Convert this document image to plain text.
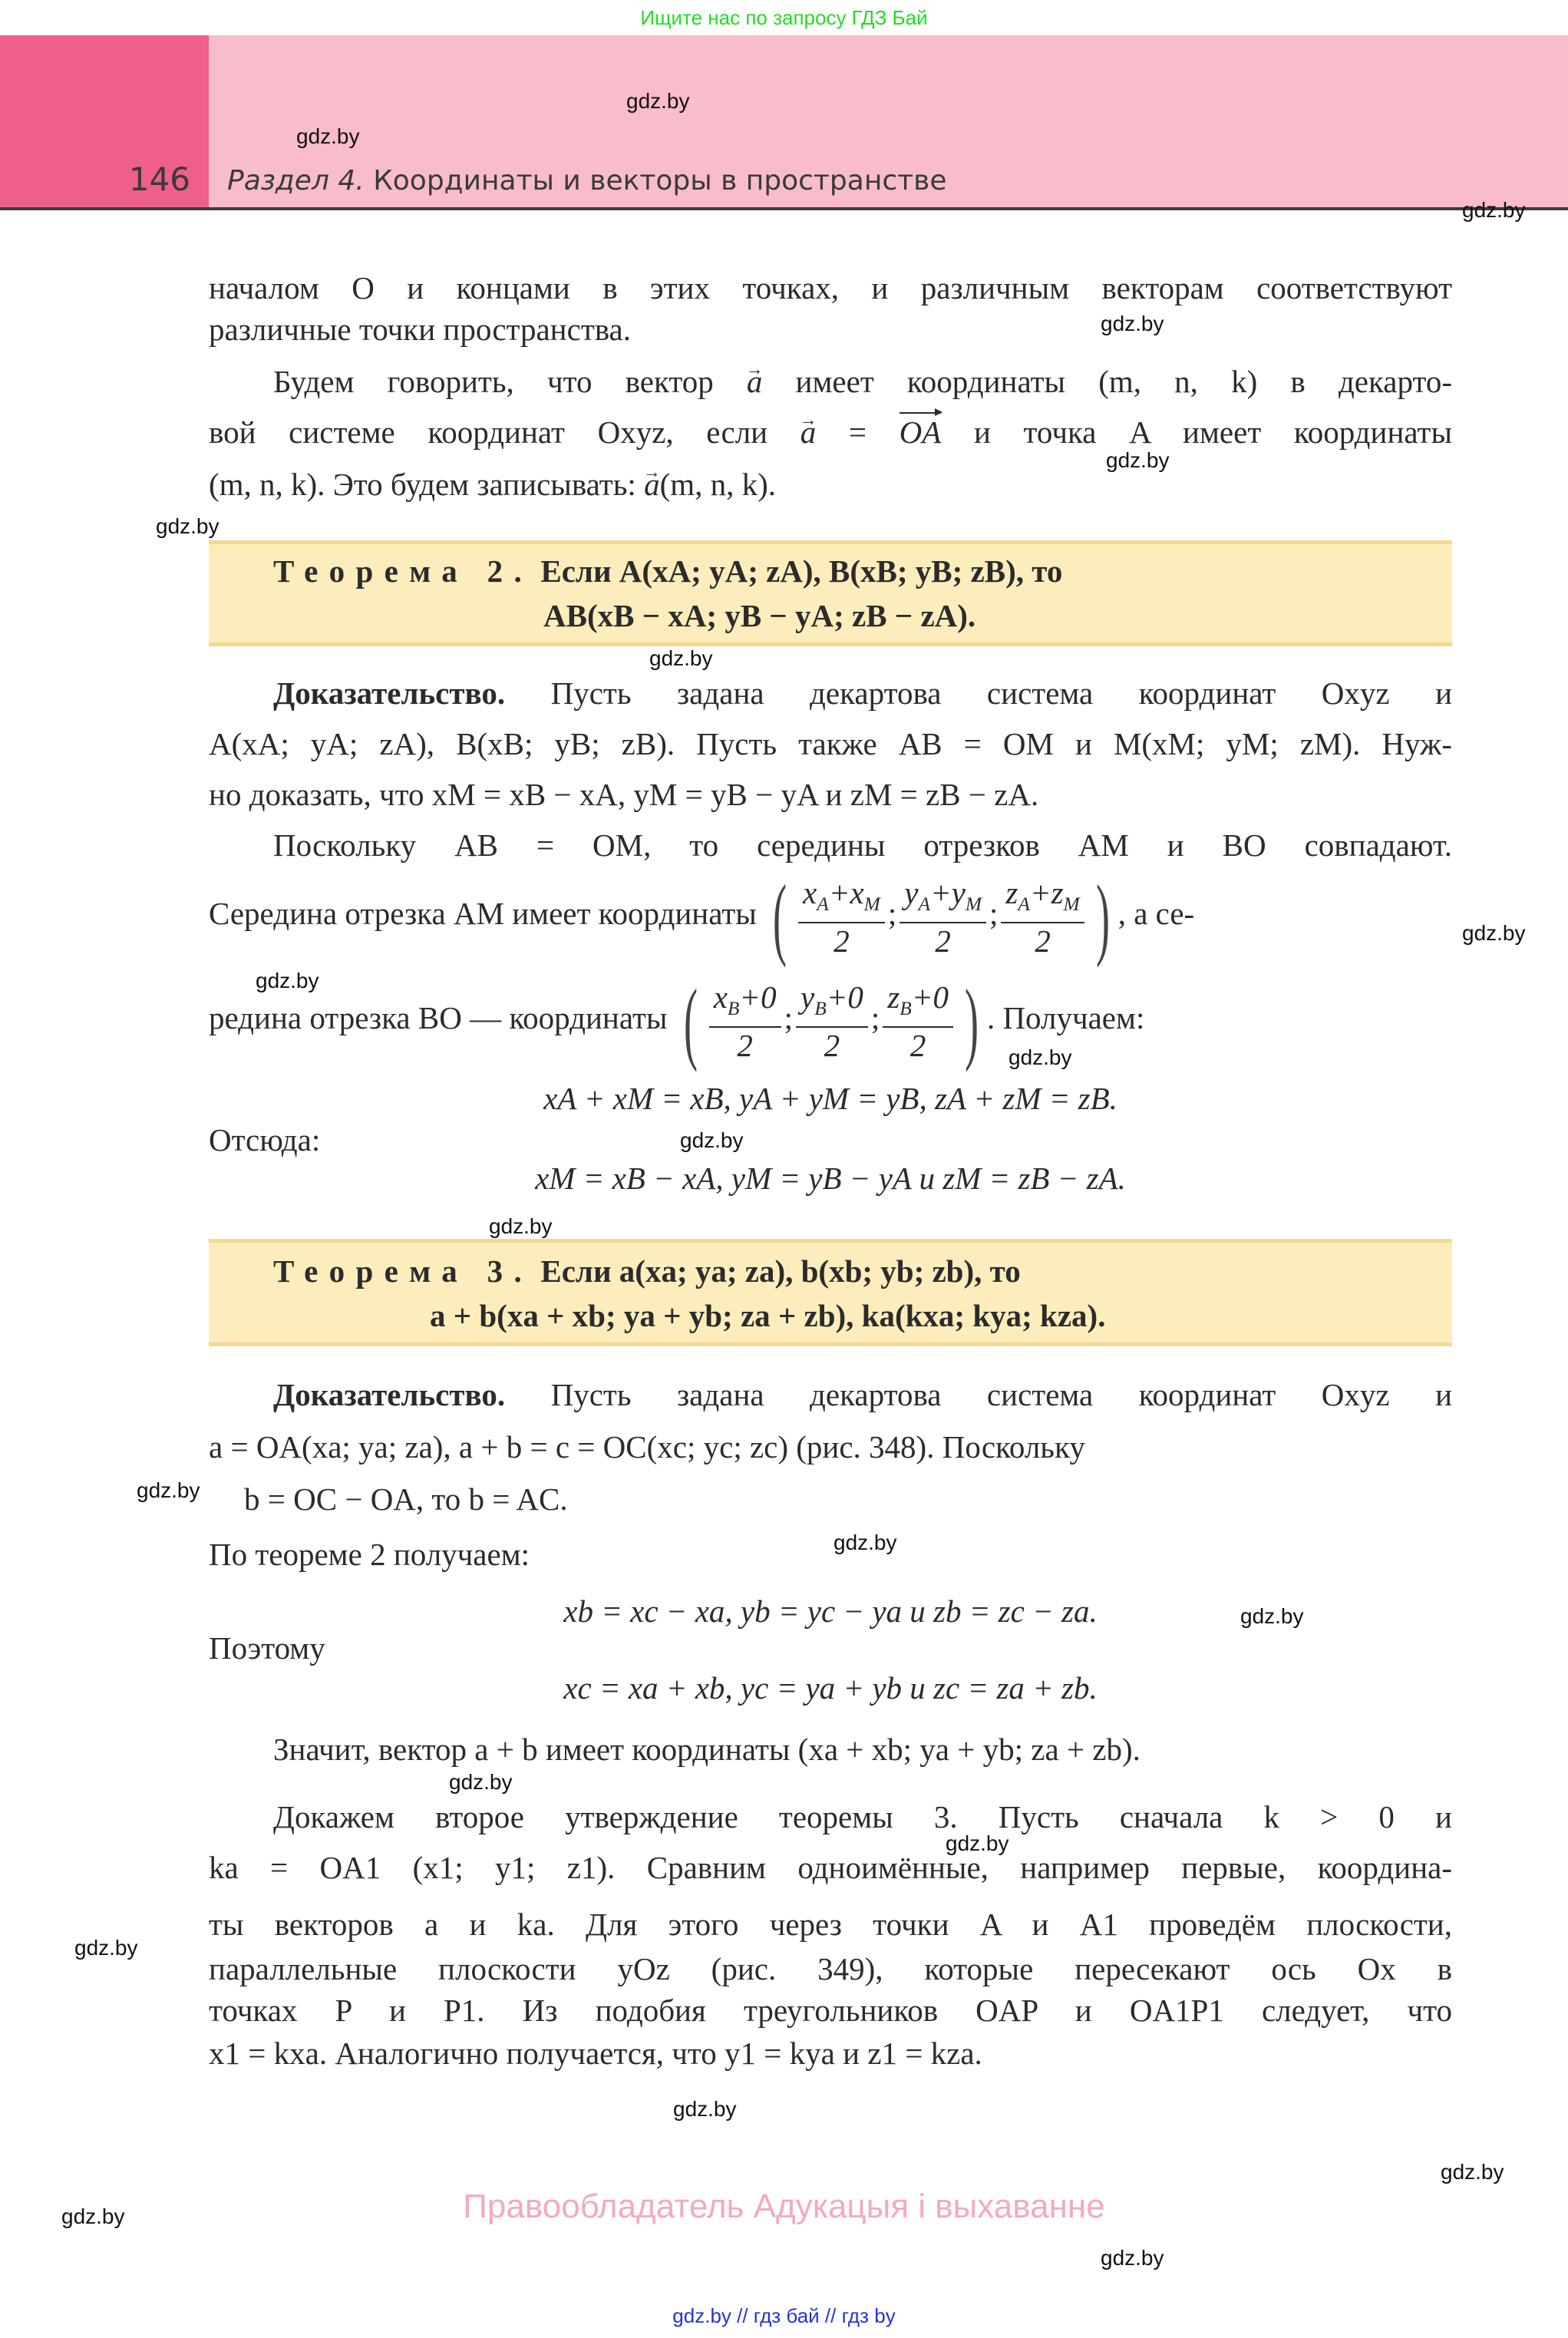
Ищите нас по запросу ГДЗ Бай
146 Раздел 4. Координаты и векторы в пространстве
gdz.by
gdz.by
gdz.by
gdz.by
gdz.by
gdz.by
gdz.by
gdz.by
gdz.by
gdz.by
gdz.by
gdz.by
gdz.by
gdz.by
gdz.by
gdz.by
gdz.by
gdz.by
gdz.by
gdz.by
gdz.by
gdz.by
началом O и концами в этих точках, и различным векторам соответствуют
различные точки пространства.
Будем говорить, что вектор → a имеет координаты (m, n, k) в декарто-
вой системе координат Oxyz, если → a = OA и точка A имеет координаты
(m, n, k). Это будем записывать: → a(m, n, k).
Теорема 2. Если A(xA; yA; zA), B(xB; yB; zB), то
AB(xB − xA; yB − yA; zB − zA).
Доказательство. Пусть задана декартова система координат Oxyz и
A(xA; yA; zA), B(xB; yB; zB). Пусть также AB = OM и M(xM; yM; zM). Нуж-
но доказать, что xM = xB − xA, yM = yB − yA и zM = zB − zA.
Поскольку AB = OM, то середины отрезков AM и BO совпадают.
Середина отрезка AM имеет координаты ( $\frac{x_A+x_M}{2}$ ; $\frac{y_A+y_M}{2}$ ; $\frac{z_A+z_M}{2}$ ) , а се-
редина отрезка BO — координаты ( $\frac{x_B+0}{2}$ ; $\frac{y_B+0}{2}$ ; $\frac{z_B+0}{2}$ ) . Получаем:
xA + xM = xB, yA + yM = yB, zA + zM = zB.
Отсюда:
xM = xB − xA, yM = yB − yA и zM = zB − zA.
Теорема 3. Если a(xa; ya; za), b(xb; yb; zb), то
a + b(xa + xb; ya + yb; za + zb), ka(kxa; kya; kza).
Доказательство. Пусть задана декартова система координат Oxyz и
a = OA(xa; ya; za), a + b = c = OC(xc; yc; zc) (рис. 348). Поскольку
b = OC − OA, то b = AC.
По теореме 2 получаем:
xb = xc − xa, yb = yc − ya и zb = zc − za.
Поэтому
xc = xa + xb, yc = ya + yb и zc = za + zb.
Значит, вектор a + b имеет координаты (xa + xb; ya + yb; za + zb).
Докажем второе утверждение теоремы 3. Пусть сначала k > 0 и
ka = OA1 (x1; y1; z1). Сравним одноимённые, например первые, координа-
ты векторов a и ka. Для этого через точки A и A1 проведём плоскости,
параллельные плоскости yOz (рис. 349), которые пересекают ось Ox в
точках P и P1. Из подобия треугольников OAP и OA1P1 следует, что
x1 = kxa. Аналогично получается, что y1 = kya и z1 = kza.
Правообладатель Адукацыя і выхаванне
gdz.by // гдз бай // гдз by
